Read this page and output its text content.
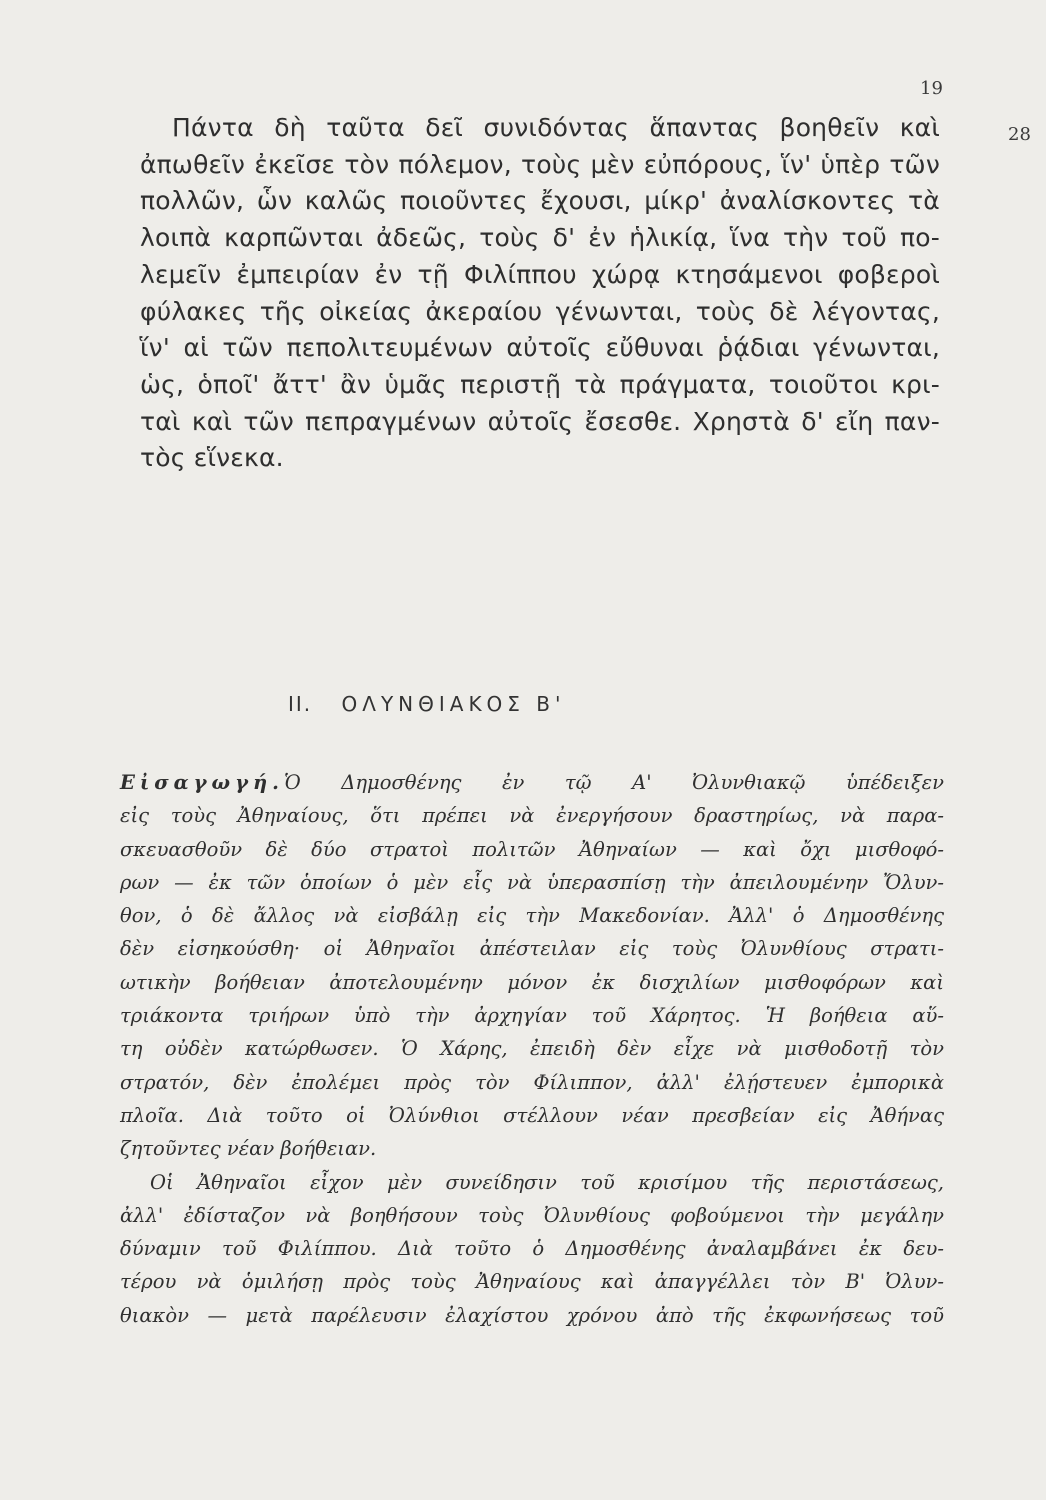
19
28
Πάντα δὴ ταῦτα δεῖ συνιδόντας ἅπαντας βοηθεῖν καὶ
ἀπωθεῖν ἐκεῖσε τὸν πόλεμον, τοὺς μὲν εὐπόρους, ἵν' ὑπὲρ τῶν
πολλῶν, ὧν καλῶς ποιοῦντες ἔχουσι, μίκρ' ἀναλίσκοντες τὰ
λοιπὰ καρπῶνται ἀδεῶς, τοὺς δ' ἐν ἡλικίᾳ, ἵνα τὴν τοῦ πο-
λεμεῖν ἐμπειρίαν ἐν τῇ Φιλίππου χώρᾳ κτησάμενοι φοβεροὶ
φύλακες τῆς οἰκείας ἀκεραίου γένωνται, τοὺς δὲ λέγοντας,
ἵν' αἱ τῶν πεπολιτευμένων αὐτοῖς εὔθυναι ῥᾴδιαι γένωνται,
ὡς, ὁποῖ' ἄττ' ἂν ὑμᾶς περιστῇ τὰ πράγματα, τοιοῦτοι κρι-
ταὶ καὶ τῶν πεπραγμένων αὐτοῖς ἔσεσθε. Χρηστὰ δ' εἴη παν-
τὸς εἵνεκα.
II. ΟΛΥΝΘΙΑΚΟΣ Β'
Εἰσαγωγή.Ὁ Δημοσθένης ἐν τῷ Α' Ὀλυνθιακῷ ὑπέδειξεν
εἰς τοὺς Ἀθηναίους, ὅτι πρέπει νὰ ἐνεργήσουν δραστηρίως, νὰ παρα-
σκευασθοῦν δὲ δύο στρατοὶ πολιτῶν Ἀθηναίων — καὶ ὄχι μισθοφό-
ρων — ἐκ τῶν ὁποίων ὁ μὲν εἷς νὰ ὑπερασπίσῃ τὴν ἀπειλουμένην Ὄλυν-
θον, ὁ δὲ ἄλλος νὰ εἰσβάλῃ εἰς τὴν Μακεδονίαν. Ἀλλ' ὁ Δημοσθένης
δὲν εἰσηκούσθη· οἱ Ἀθηναῖοι ἀπέστειλαν εἰς τοὺς Ὀλυνθίους στρατι-
ωτικὴν βοήθειαν ἀποτελουμένην μόνον ἐκ δισχιλίων μισθοφόρων καὶ
τριάκοντα τριήρων ὑπὸ τὴν ἀρχηγίαν τοῦ Χάρητος. Ἡ βοήθεια αὕ-
τη οὐδὲν κατώρθωσεν. Ὁ Χάρης, ἐπειδὴ δὲν εἶχε νὰ μισθοδοτῇ τὸν
στρατόν, δὲν ἐπολέμει πρὸς τὸν Φίλιππον, ἀλλ' ἐλῄστευεν ἐμπορικὰ
πλοῖα. Διὰ τοῦτο οἱ Ὀλύνθιοι στέλλουν νέαν πρεσβείαν εἰς Ἀθήνας
ζητοῦντες νέαν βοήθειαν.
Οἱ Ἀθηναῖοι εἶχον μὲν συνείδησιν τοῦ κρισίμου τῆς περιστάσεως,
ἀλλ' ἐδίσταζον νὰ βοηθήσουν τοὺς Ὀλυνθίους φοβούμενοι τὴν μεγάλην
δύναμιν τοῦ Φιλίππου. Διὰ τοῦτο ὁ Δημοσθένης ἀναλαμβάνει ἐκ δευ-
τέρου νὰ ὁμιλήσῃ πρὸς τοὺς Ἀθηναίους καὶ ἀπαγγέλλει τὸν Β' Ὀλυν-
θιακὸν — μετὰ παρέλευσιν ἐλαχίστου χρόνου ἀπὸ τῆς ἐκφωνήσεως τοῦ
